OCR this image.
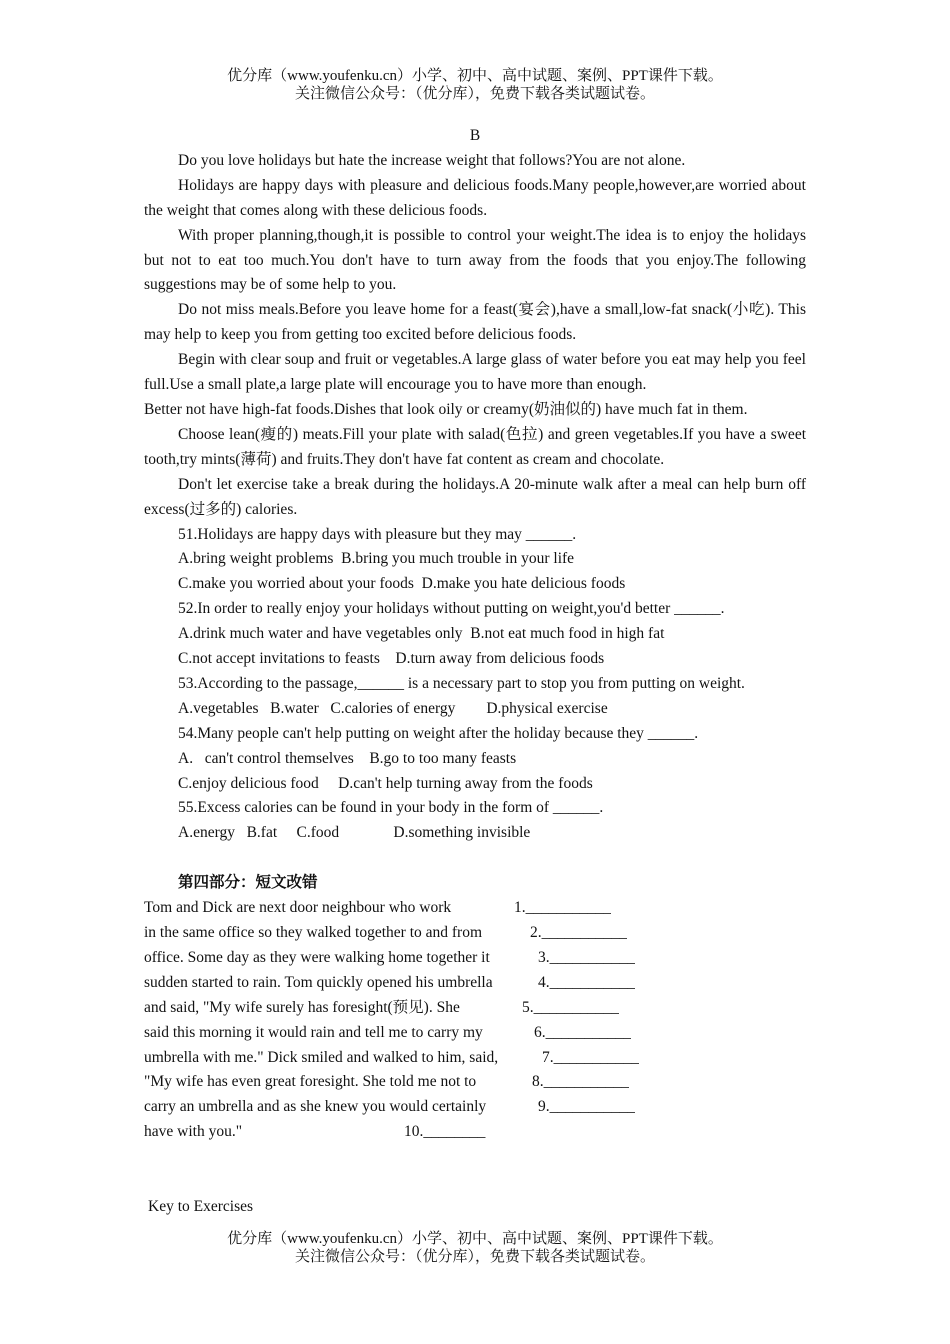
优分库（www.youfenku.cn）小学、初中、高中试题、案例、PPT课件下载。
关注微信公众号：（优分库），免费下载各类试题试卷。
B
Do you love holidays but hate the increase weight that follows?You are not alone.
Holidays are happy days with pleasure and delicious foods.Many people,however,are worried about the weight that comes along with these delicious foods.
With proper planning,though,it is possible to control your weight.The idea is to enjoy the holidays but not to eat too much.You don't have to turn away from the foods that you enjoy.The following suggestions may be of some help to you.
Do not miss meals.Before you leave home for a feast(宴会),have a small,low-fat snack(小吃). This may help to keep you from getting too excited before delicious foods.
Begin with clear soup and fruit or vegetables.A large glass of water before you eat may help you feel full.Use a small plate,a large plate will encourage you to have more than enough.
Better not have high-fat foods.Dishes that look oily or creamy(奶油似的) have much fat in them.
Choose lean(瘦的) meats.Fill your plate with salad(色拉) and green vegetables.If you have a sweet tooth,try mints(薄荷) and fruits.They don't have fat content as cream and chocolate.
Don't let exercise take a break during the holidays.A 20-minute walk after a meal can help burn off excess(过多的) calories.
51.Holidays are happy days with pleasure but they may ______.
A.bring weight problems  B.bring you much trouble in your life
C.make you worried about your foods  D.make you hate delicious foods
52.In order to really enjoy your holidays without putting on weight,you'd better ______.
A.drink much water and have vegetables only  B.not eat much food in high fat
C.not accept invitations to feasts    D.turn away from delicious foods
53.According to the passage,______ is a necessary part to stop you from putting on weight.
A.vegetables   B.water   C.calories of energy        D.physical exercise
54.Many people can't help putting on weight after the holiday because they ______.
A.   can't control themselves    B.go to too many feasts
C.enjoy delicious food     D.can't help turning away from the foods
55.Excess calories can be found in your body in the form of ______.
A.energy   B.fat     C.food              D.something invisible
第四部分：短文改错
Tom and Dick are next door neighbour who work	1.___________
in the same office so they walked together to and from	2.___________
office. Some day as they were walking home together it	3.___________
sudden started to rain. Tom quickly opened his umbrella	4.___________
and said, "My wife surely has foresight(预见). She	5.___________
said this morning it would rain and tell me to carry my	6.___________
umbrella with me." Dick smiled and walked to him, said,	7.___________
"My wife has even great foresight. She told me not to	8.___________
carry an umbrella and as she knew you would certainly	9.___________
have with you."	10.________
Key to Exercises
优分库（www.youfenku.cn）小学、初中、高中试题、案例、PPT课件下载。
关注微信公众号：（优分库），免费下载各类试题试卷。
